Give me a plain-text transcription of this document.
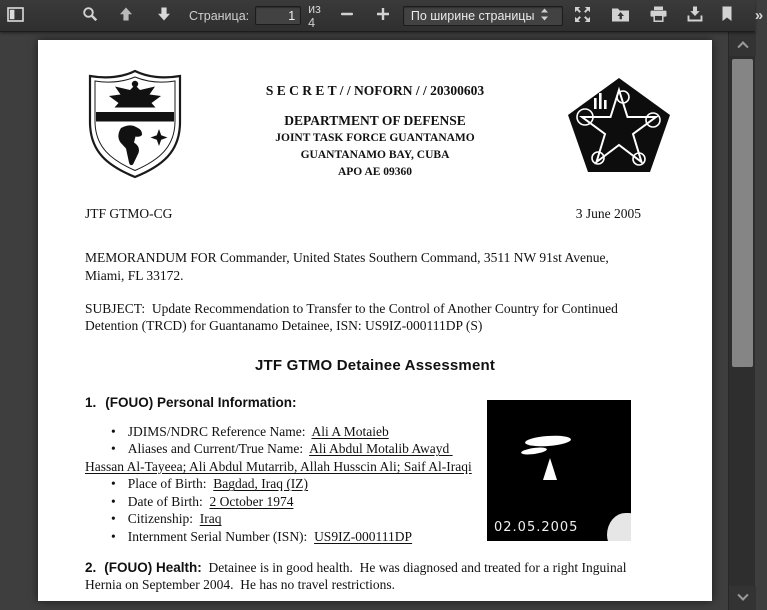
Страница:
1	из 4	По ширине страницы	»
S E C R E T / / NOFORN / / 20300603
DEPARTMENT OF DEFENSE
JOINT TASK FORCE GUANTANAMO
GUANTANAMO BAY, CUBA
APO AE 09360
JTF GTMO-CG	3 June 2005

MEMORANDUM FOR Commander, United States Southern Command, 3511 NW 91st Avenue, Miami, FL 33172.

SUBJECT:  Update Recommendation to Transfer to the Control of Another Country for Continued Detention (TRCD) for Guantanamo Detainee, ISN: US9IZ-000111DP (S)

JTF GTMO Detainee Assessment

1. (FOUO) Personal Information:

• JDIMS/NDRC Reference Name: Ali A Motaieb
• Aliases and Current/True Name: Ali Abdul Motalib Awayd Hassan Al-Tayeea; Ali Abdul Mutarrib, Allah Husscin Ali; Saif Al-Iraqi
• Place of Birth: Bagdad, Iraq (IZ)
• Date of Birth: 2 October 1974
• Citizenship: Iraq
• Internment Serial Number (ISN): US9IZ-000111DP
02.05.2005

2. (FOUO) Health: Detainee is in good health.  He was diagnosed and treated for a right Inguinal Hernia on September 2004.  He has no travel restrictions.
